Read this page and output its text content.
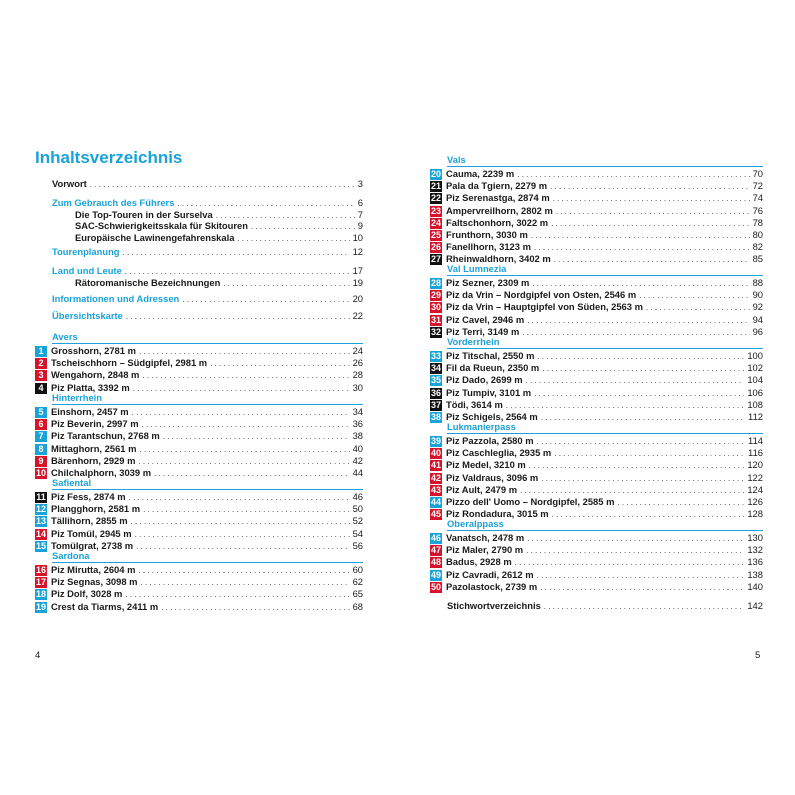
Inhaltsverzeichnis
Vorwort . . .	3
Zum Gebrauch des Führers . . .	6
Die Top-Touren in der Surselva . . .	7
SAC-Schwierigkeitsskala für Skitouren . . .	9
Europäische Lawinengefahrenskala . . .	10
Tourenplanung . . .	12
Land und Leute . . .	17
Rätoromanische Bezeichnungen . . .	19
Informationen und Adressen . . .	20
Übersichtskarte . . .	22
Avers
1 Grosshorn, 2781 m . . .	24
2 Tscheischhorn – Südgipfel, 2981 m . . .	26
3 Wengahorn, 2848 m . . .	28
4 Piz Platta, 3392 m . . .	30
Hinterrhein
5 Einshorn, 2457 m . . .	34
6 Piz Beverin, 2997 m . . .	36
7 Piz Tarantschun, 2768 m . . .	38
8 Mittaghorn, 2561 m . . .	40
9 Bärenhorn, 2929 m . . .	42
10 Chilchalphorn, 3039 m . . .	44
Safiental
11 Piz Fess, 2874 m . . .	46
12 Plangghorn, 2581 m . . .	50
13 Tällihorn, 2855 m . . .	52
14 Piz Tomül, 2945 m . . .	54
15 Tomülgrat, 2738 m . . .	56
Sardona
16 Piz Mirutta, 2604 m . . .	60
17 Piz Segnas, 3098 m . . .	62
18 Piz Dolf, 3028 m . . .	65
19 Crest da Tiarms, 2411 m . . .	68
Vals
20 Cauma, 2239 m . . .	70
21 Pala da Tgiern, 2279 m . . .	72
22 Piz Serenastga, 2874 m . . .	74
23 Ampervreilhorn, 2802 m . . .	76
24 Faltschonhorn, 3022 m . . .	78
25 Frunthorn, 3030 m . . .	80
26 Fanellhorn, 3123 m . . .	82
27 Rheinwaldhorn, 3402 m . . .	85
Val Lumnezia
28 Piz Sezner, 2309 m . . .	88
29 Piz da Vrin – Nordgipfel von Osten, 2546 m . . .	90
30 Piz da Vrin – Hauptgipfel von Süden, 2563 m . . .	92
31 Piz Cavel, 2946 m . . .	94
32 Piz Terri, 3149 m . . .	96
Vorderrhein
33 Piz Titschal, 2550 m . . .	100
34 Fil da Rueun, 2350 m . . .	102
35 Piz Dado, 2699 m . . .	104
36 Piz Tumpiv, 3101 m . . .	106
37 Tödi, 3614 m . . .	108
38 Piz Schigels, 2564 m . . .	112
Lukmanierpass
39 Piz Pazzola, 2580 m . . .	114
40 Piz Caschleglia, 2935 m . . .	116
41 Piz Medel, 3210 m . . .	120
42 Piz Valdraus, 3096 m . . .	122
43 Piz Ault, 2479 m . . .	124
44 Pizzo dell' Uomo – Nordgipfel, 2585 m . . .	126
45 Piz Rondadura, 3015 m . . .	128
Oberalppass
46 Vanatsch, 2478 m . . .	130
47 Piz Maler, 2790 m . . .	132
48 Badus, 2928 m . . .	136
49 Piz Cavradi, 2612 m . . .	138
50 Pazolastock, 2739 m . . .	140
Stichwortverzeichnis . . .	142
4	5
